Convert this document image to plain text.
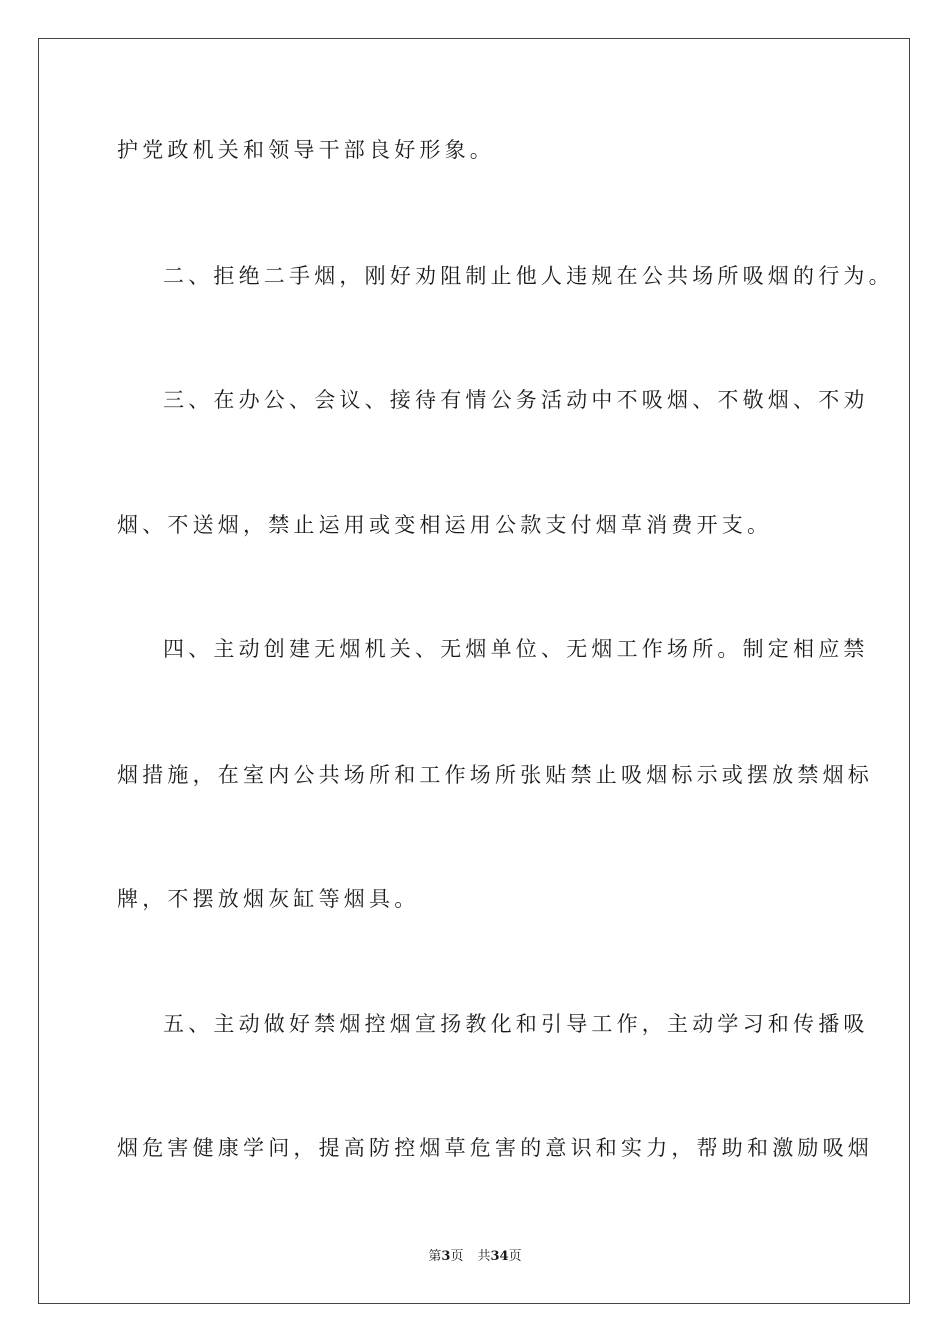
护党政机关和领导干部良好形象。
二、拒绝二手烟，刚好劝阻制止他人违规在公共场所吸烟的行为。
三、在办公、会议、接待有情公务活动中不吸烟、不敬烟、不劝
烟、不送烟，禁止运用或变相运用公款支付烟草消费开支。
四、主动创建无烟机关、无烟单位、无烟工作场所。制定相应禁
烟措施，在室内公共场所和工作场所张贴禁止吸烟标示或摆放禁烟标
牌，不摆放烟灰缸等烟具。
五、主动做好禁烟控烟宣扬教化和引导工作，主动学习和传播吸
烟危害健康学问，提高防控烟草危害的意识和实力，帮助和激励吸烟
第3页 共34页
